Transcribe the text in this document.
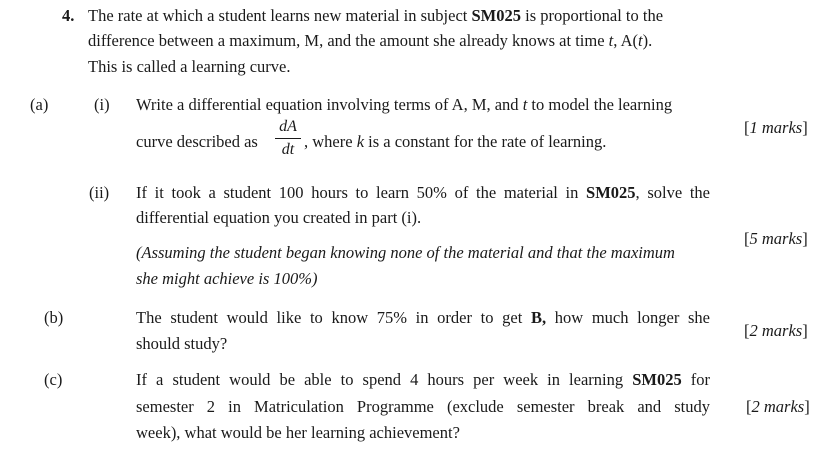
4. The rate at which a student learns new material in subject SM025 is proportional to the
difference between a maximum, M, and the amount she already knows at time t, A(t).
This is called a learning curve.
(a)	(i) Write a differential equation involving terms of A, M, and t to model the learning
curve described as
dA
dt , where k is a constant for the rate of learning.
[1 marks]
(ii) If it took a student 100 hours to learn 50% of the material in SM025, solve the
differential equation you created in part (i).
(Assuming the student began knowing none of the material and that the maximum
she might achieve is 100%)
[5 marks]
(b)	The student would like to know 75% in order to get B, how much longer she
should study?
[2 marks]
(c)	If a student would be able to spend 4 hours per week in learning SM025 for
semester 2 in Matriculation Programme (exclude semester break and study
week), what would be her learning achievement?
[2 marks]
